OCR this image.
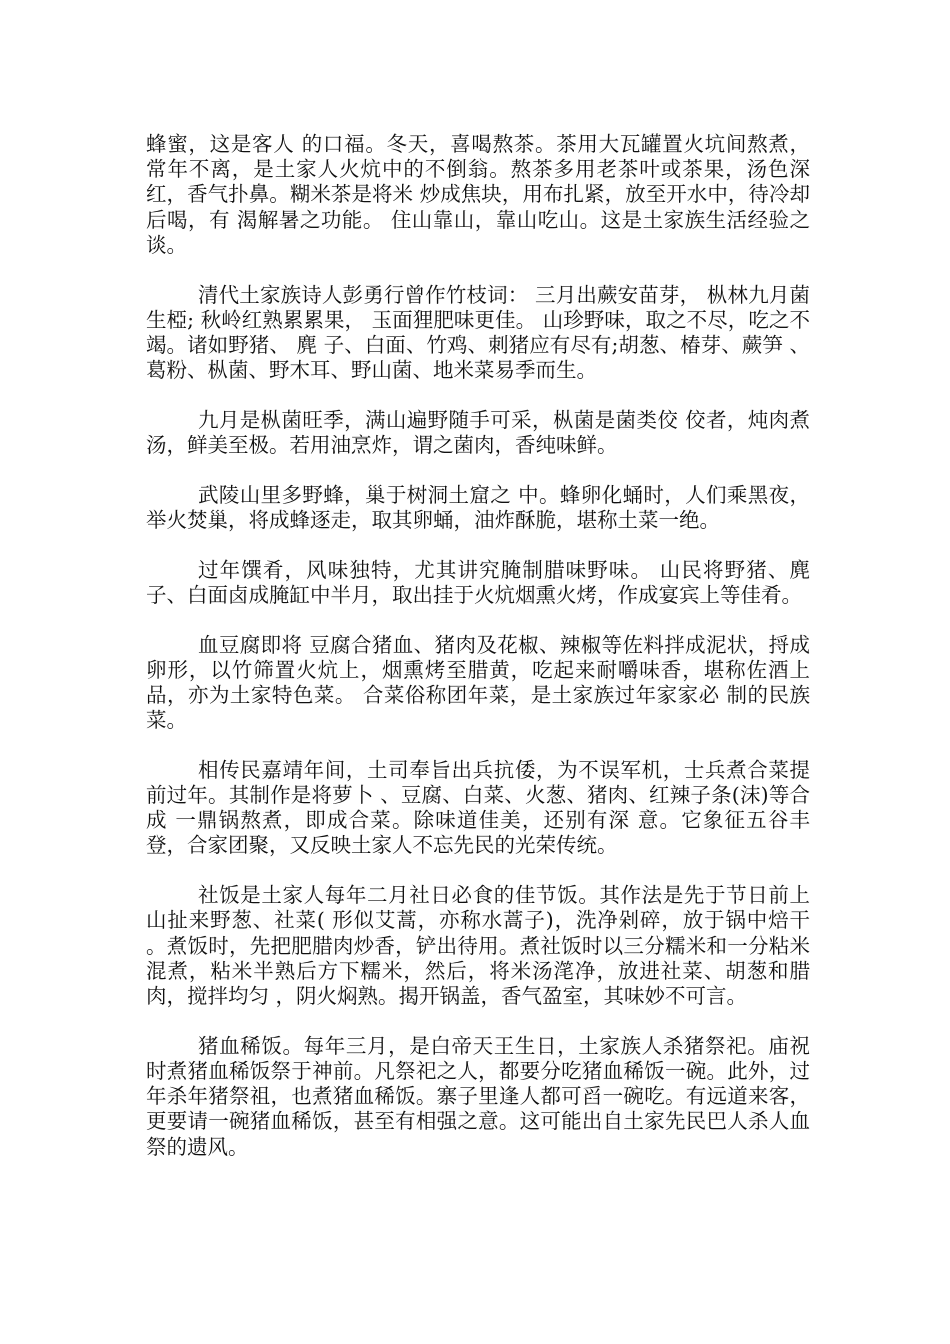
蜂蜜，这是客人 的口福。冬天，喜喝熬茶。茶用大瓦罐置火坑间熬煮， 常年不离，是土家人火炕中的不倒翁。熬茶多用老茶叶或茶果，汤色深红，香气扑鼻。糊米茶是将米 炒成焦块，用布扎紧，放至开水中，待冷却后喝，有 渴解暑之功能。 住山靠山，靠山吃山。这是土家族生活经验之谈。

清代土家族诗人彭勇行曾作竹枝词： 三月出蕨安苗芽， 枞林九月菌生椏; 秋岭红熟累累果， 玉面狸肥味更佳。 山珍野味，取之不尽，吃之不竭。诸如野猪、 麂 子、白面、竹鸡、刺猪应有尽有;胡葱、椿芽、蕨笋 、葛粉、枞菌、野木耳、野山菌、地米菜易季而生。

九月是枞菌旺季，满山遍野随手可采，枞菌是菌类佼 佼者，炖肉煮汤，鲜美至极。若用油烹炸，谓之菌肉，香纯味鲜。

武陵山里多野蜂，巢于树洞土窟之 中。蜂卵化蛹时，人们乘黑夜，举火焚巢，将成蜂逐走，取其卵蛹，油炸酥脆，堪称土菜一绝。

过年馔肴，风味独特，尤其讲究腌制腊味野味。 山民将野猪、麂子、白面卤成腌缸中半月，取出挂于火炕烟熏火烤，作成宴宾上等佳肴。

血豆腐即将 豆腐合猪血、猪肉及花椒、辣椒等佐料拌成泥状，捋成卵形，以竹筛置火炕上，烟熏烤至腊黄，吃起来耐嚼味香，堪称佐酒上品，亦为土家特色菜。 合菜俗称团年菜，是土家族过年家家必 制的民族菜。

相传民嘉靖年间，土司奉旨出兵抗倭，为不误军机，士兵煮合菜提前过年。其制作是将萝卜 、豆腐、白菜、火葱、猪肉、红辣子条(沫)等合成 一鼎锅熬煮，即成合菜。除味道佳美，还别有深 意。它象征五谷丰登，合家团聚，又反映土家人不忘先民的光荣传统。

社饭是土家人每年二月社日必食的佳节饭。其作法是先于节日前上山扯来野葱、社菜( 形似艾蒿，亦称水蒿子)，洗净剁碎，放于锅中焙干 。煮饭时，先把肥腊肉炒香，铲出待用。煮社饭时以三分糯米和一分粘米混煮，粘米半熟后方下糯米，然后，将米汤滗净，放进社菜、胡葱和腊肉，搅拌均匀 ，阴火焖熟。揭开锅盖，香气盈室，其味妙不可言。

猪血稀饭。每年三月，是白帝天王生日，土家族人杀猪祭祀。庙祝时煮猪血稀饭祭于神前。凡祭祀之人，都要分吃猪血稀饭一碗。此外，过年杀年猪祭祖，也煮猪血稀饭。寨子里逢人都可舀一碗吃。有远道来客，更要请一碗猪血稀饭，甚至有相强之意。这可能出自土家先民巴人杀人血祭的遗风。
